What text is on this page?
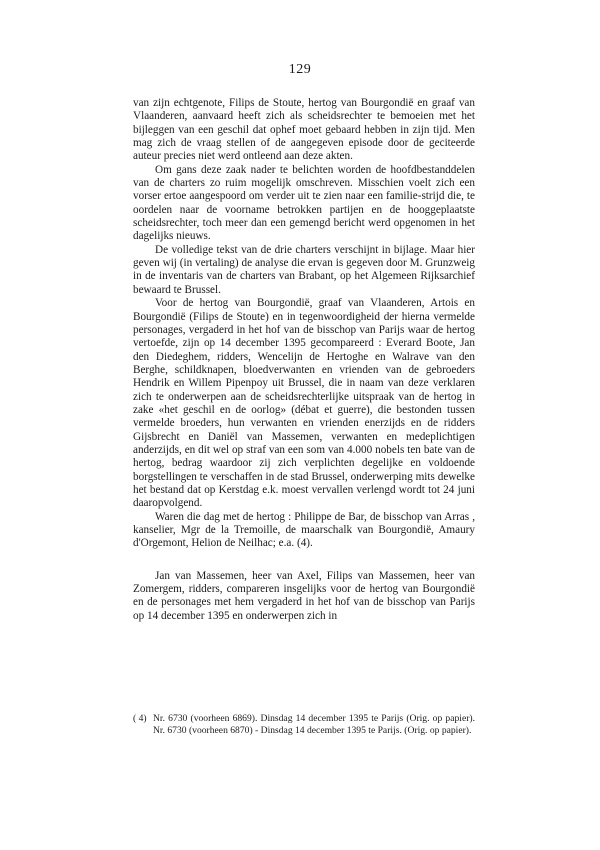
129

van zijn echtgenote, Filips de Stoute, hertog van Bourgondië en graaf van Vlaanderen, aanvaard heeft zich als scheidsrechter te bemoeien met het bijleggen van een geschil dat ophef moet gebaard hebben in zijn tijd. Men mag zich de vraag stellen of de aangegeven episode door de geciteerde auteur precies niet werd ontleend aan deze akten.

Om gans deze zaak nader te belichten worden de hoofdbestanddelen van de charters zo ruim mogelijk omschreven. Misschien voelt zich een vorser ertoe aangespoord om verder uit te zien naar een familie-strijd die, te oordelen naar de voorname betrokken partijen en de hooggeplaatste scheidsrechter, toch meer dan een gemengd bericht werd opgenomen in het dagelijks nieuws.

De volledige tekst van de drie charters verschijnt in bijlage. Maar hier geven wij (in vertaling) de analyse die ervan is gegeven door M. Grunzweig in de inventaris van de charters van Brabant, op het Algemeen Rijksarchief bewaard te Brussel.

Voor de hertog van Bourgondië, graaf van Vlaanderen, Artois en Bourgondië (Filips de Stoute) en in tegenwoordigheid der hierna vermelde personages, vergaderd in het hof van de bisschop van Parijs waar de hertog vertoefde, zijn op 14 december 1395 gecompareerd : Everard Boote, Jan den Diedeghem, ridders, Wencelijn de Hertoghe en Walrave van den Berghe, schildknapen, bloedverwanten en vrienden van de gebroeders Hendrik en Willem Pipenpoy uit Brussel, die in naam van deze verklaren zich te onderwerpen aan de scheidsrechterlijke uitspraak van de hertog in zake «het geschil en de oorlog» (débat et guerre), die bestonden tussen vermelde broeders, hun verwanten en vrienden enerzijds en de ridders Gijsbrecht en Daniël van Massemen, verwanten en medeplichtigen anderzijds, en dit wel op straf van een som van 4.000 nobels ten bate van de hertog, bedrag waardoor zij zich verplichten degelijke en voldoende borgstellingen te verschaffen in de stad Brussel, onderwerping mits dewelke het bestand dat op Kerstdag e.k. moest vervallen verlengd wordt tot 24 juni daaropvolgend.

Waren die dag met de hertog : Philippe de Bar, de bisschop van Arras , kanselier, Mgr de la Tremoille, de maarschalk van Bourgondië, Amaury d'Orgemont, Helion de Neilhac; e.a. (4).

Jan van Massemen, heer van Axel, Filips van Massemen, heer van Zomergem, ridders, compareren insgelijks voor de hertog van Bourgondië en de personages met hem vergaderd in het hof van de bisschop van Parijs op 14 december 1395 en onderwerpen zich in

( 4) Nr. 6730 (voorheen 6869). Dinsdag 14 december 1395 te Parijs (Orig. op papier). Nr. 6730 (voorheen 6870) - Dinsdag 14 december 1395 te Parijs. (Orig. op papier).
